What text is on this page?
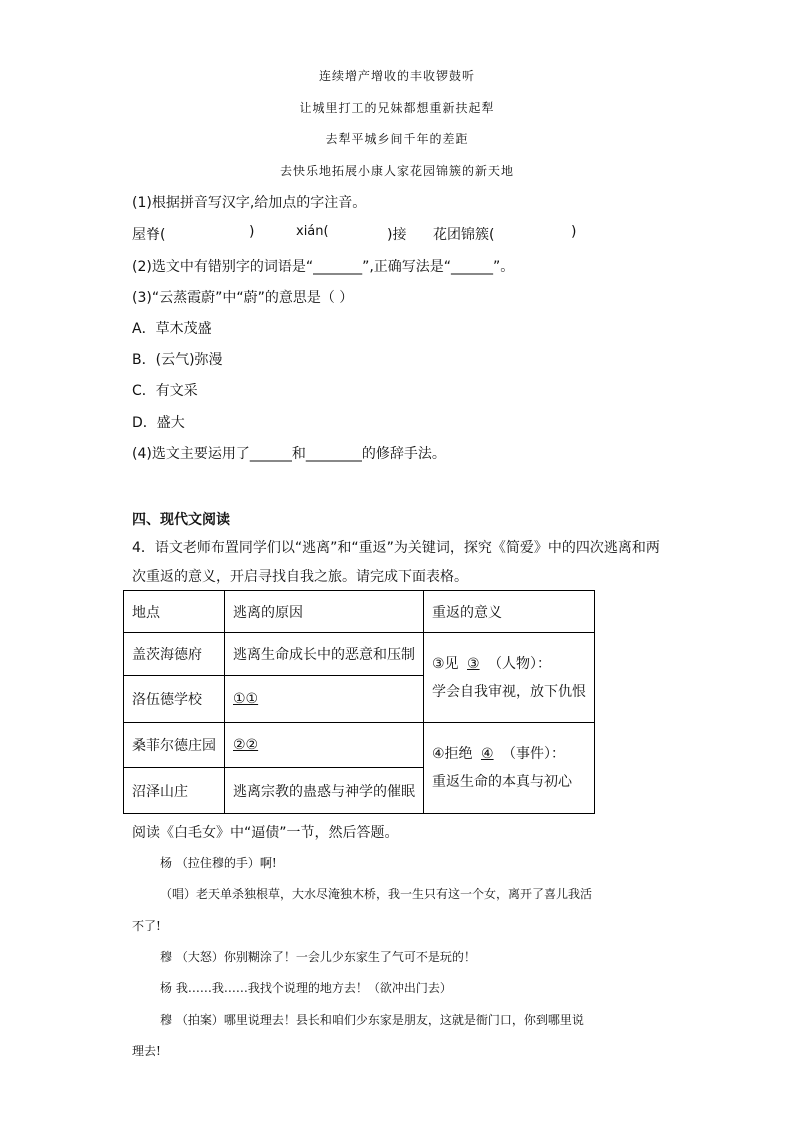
连续增产增收的丰收锣鼓听
让城里打工的兄妹都想重新扶起犁
去犁平城乡间千年的差距
去快乐地拓展小康人家花园锦簇的新天地
(1)根据拼音写汉字,给加点的字注音。
屋脊(	)	xián(	)接 花团锦簇(	)
(2)选文中有错别字的词语是“_______”,正确写法是“______”。
(3)“云蒸霞蔚”中“蔚”的意思是（ ）
A．草木茂盛
B．(云气)弥漫
C．有文采
D．盛大
(4)选文主要运用了______和________的修辞手法。
四、现代文阅读
4．语文老师布置同学们以“逃离”和“重返”为关键词，探究《简爱》中的四次逃离和两
次重返的意义，开启寻找自我之旅。请完成下面表格。
地点	逃离的原因	重返的意义
盖茨海德府	逃离生命成长中的恶意和压制	③见 ③ （人物）：
学会自我审视，放下仇恨

洛伍德学校	①①	
桑菲尔德庄园	②②	④拒绝 ④ （事件）：
重返生命的本真与初心

沼泽山庄	逃离宗教的蛊惑与神学的催眠	
阅读《白毛女》中“逼债”一节，然后答题。
杨 （拉住穆的手）啊!
（唱）老天单杀独根草，大水尽淹独木桥，我一生只有这一个女，离开了喜儿我活
不了!
穆 （大怒）你别糊涂了！一会儿少东家生了气可不是玩的！
杨 我……我……我找个说理的地方去！（欲冲出门去）
穆 （拍案）哪里说理去！县长和咱们少东家是朋友，这就是衙门口，你到哪里说
理去!
